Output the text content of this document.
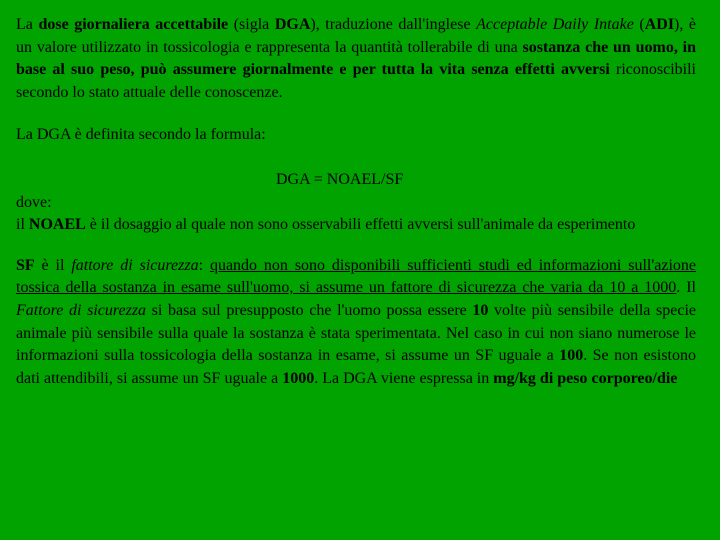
La dose giornaliera accettabile (sigla DGA), traduzione dall'inglese Acceptable Daily Intake (ADI), è un valore utilizzato in tossicologia e rappresenta la quantità tollerabile di una sostanza che un uomo, in base al suo peso, può assumere giornalmente e per tutta la vita senza effetti avversi riconoscibili secondo lo stato attuale delle conoscenze.

La DGA è definita secondo la formula:

DGA = NOAEL/SF

dove:

il NOAEL è il dosaggio al quale non sono osservabili effetti avversi sull'animale da esperimento

SF è il fattore di sicurezza: quando non sono disponibili sufficienti studi ed informazioni sull'azione tossica della sostanza in esame sull'uomo, si assume un fattore di sicurezza che varia da 10 a 1000. Il Fattore di sicurezza si basa sul presupposto che l'uomo possa essere 10 volte più sensibile della specie animale più sensibile sulla quale la sostanza è stata sperimentata. Nel caso in cui non siano numerose le informazioni sulla tossicologia della sostanza in esame, si assume un SF uguale a 100. Se non esistono dati attendibili, si assume un SF uguale a 1000. La DGA viene espressa in mg/kg di peso corporeo/die
